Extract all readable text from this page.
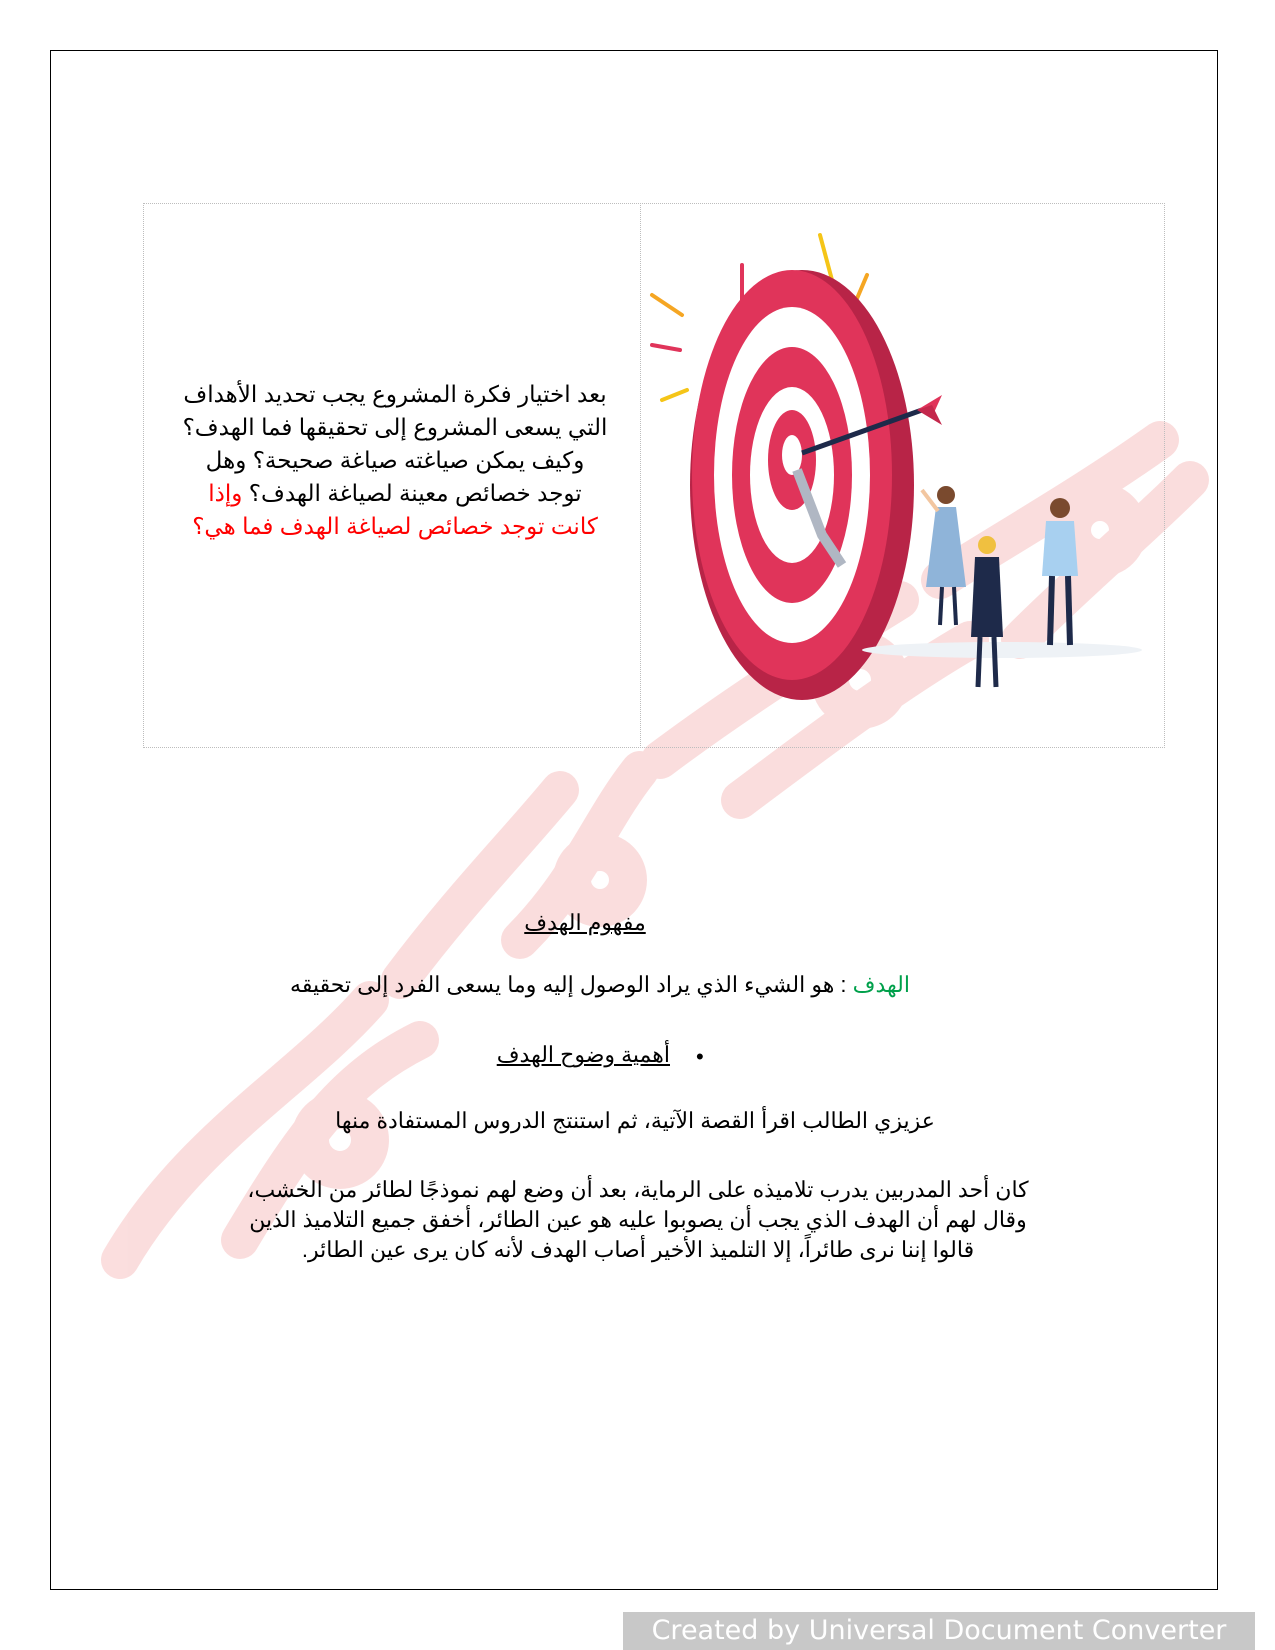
بعد اختيار فكرة المشروع يجب تحديد الأهداف
التي يسعى المشروع إلى تحقيقها فما الهدف؟
وكيف يمكن صياغته صياغة صحيحة؟ وهل
توجد خصائص معينة لصياغة الهدف؟ وإذا
كانت توجد خصائص لصياغة الهدف فما هي؟
مفهوم الهدف
الهدف : هو الشيء الذي يراد الوصول إليه وما يسعى الفرد إلى تحقيقه
•
أهمية وضوح الهدف
عزيزي الطالب اقرأ القصة الآتية، ثم استنتج الدروس المستفادة منها
كان أحد المدربين يدرب تلاميذه على الرماية، بعد أن وضع لهم نموذجًا لطائر من الخشب،
وقال لهم أن الهدف الذي يجب أن يصوبوا عليه هو عين الطائر، أخفق جميع التلاميذ الذين
قالوا إننا نرى طائراً، إلا التلميذ الأخير أصاب الهدف لأنه كان يرى عين الطائر.
Created by Universal Document Converter
